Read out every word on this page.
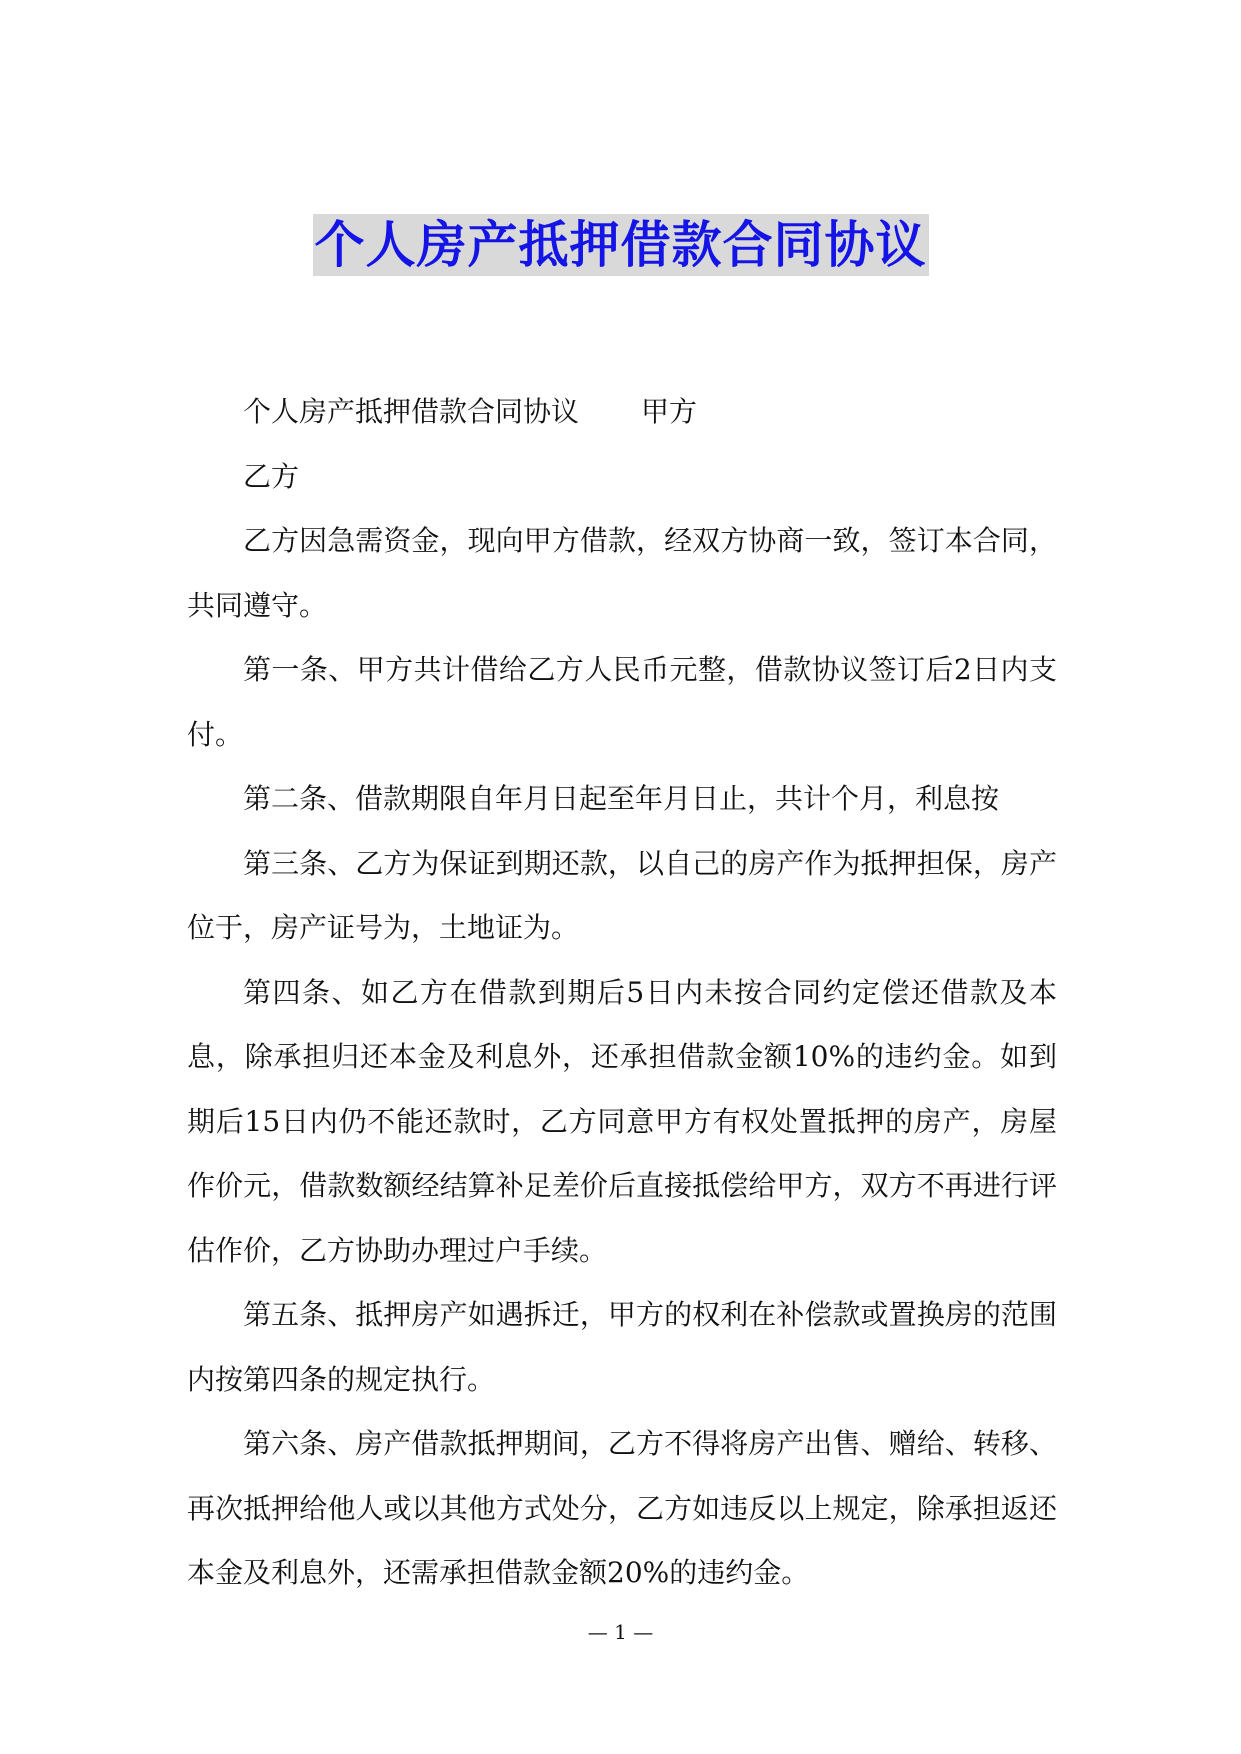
个人房产抵押借款合同协议

个人房产抵押借款合同协议 甲方

乙方

乙方因急需资金，现向甲方借款，经双方协商一致，签订本合同，共同遵守。

第一条、甲方共计借给乙方人民币元整，借款协议签订后2日内支付。

第二条、借款期限自年月日起至年月日止，共计个月，利息按

第三条、乙方为保证到期还款，以自己的房产作为抵押担保，房产位于，房产证号为，土地证为。

第四条、如乙方在借款到期后5日内未按合同约定偿还借款及本息，除承担归还本金及利息外，还承担借款金额10%的违约金。如到期后15日内仍不能还款时，乙方同意甲方有权处置抵押的房产，房屋作价元，借款数额经结算补足差价后直接抵偿给甲方，双方不再进行评估作价，乙方协助办理过户手续。

第五条、抵押房产如遇拆迁，甲方的权利在补偿款或置换房的范围内按第四条的规定执行。

第六条、房产借款抵押期间，乙方不得将房产出售、赠给、转移、再次抵押给他人或以其他方式处分，乙方如违反以上规定，除承担返还本金及利息外，还需承担借款金额20%的违约金。

— 1 —
